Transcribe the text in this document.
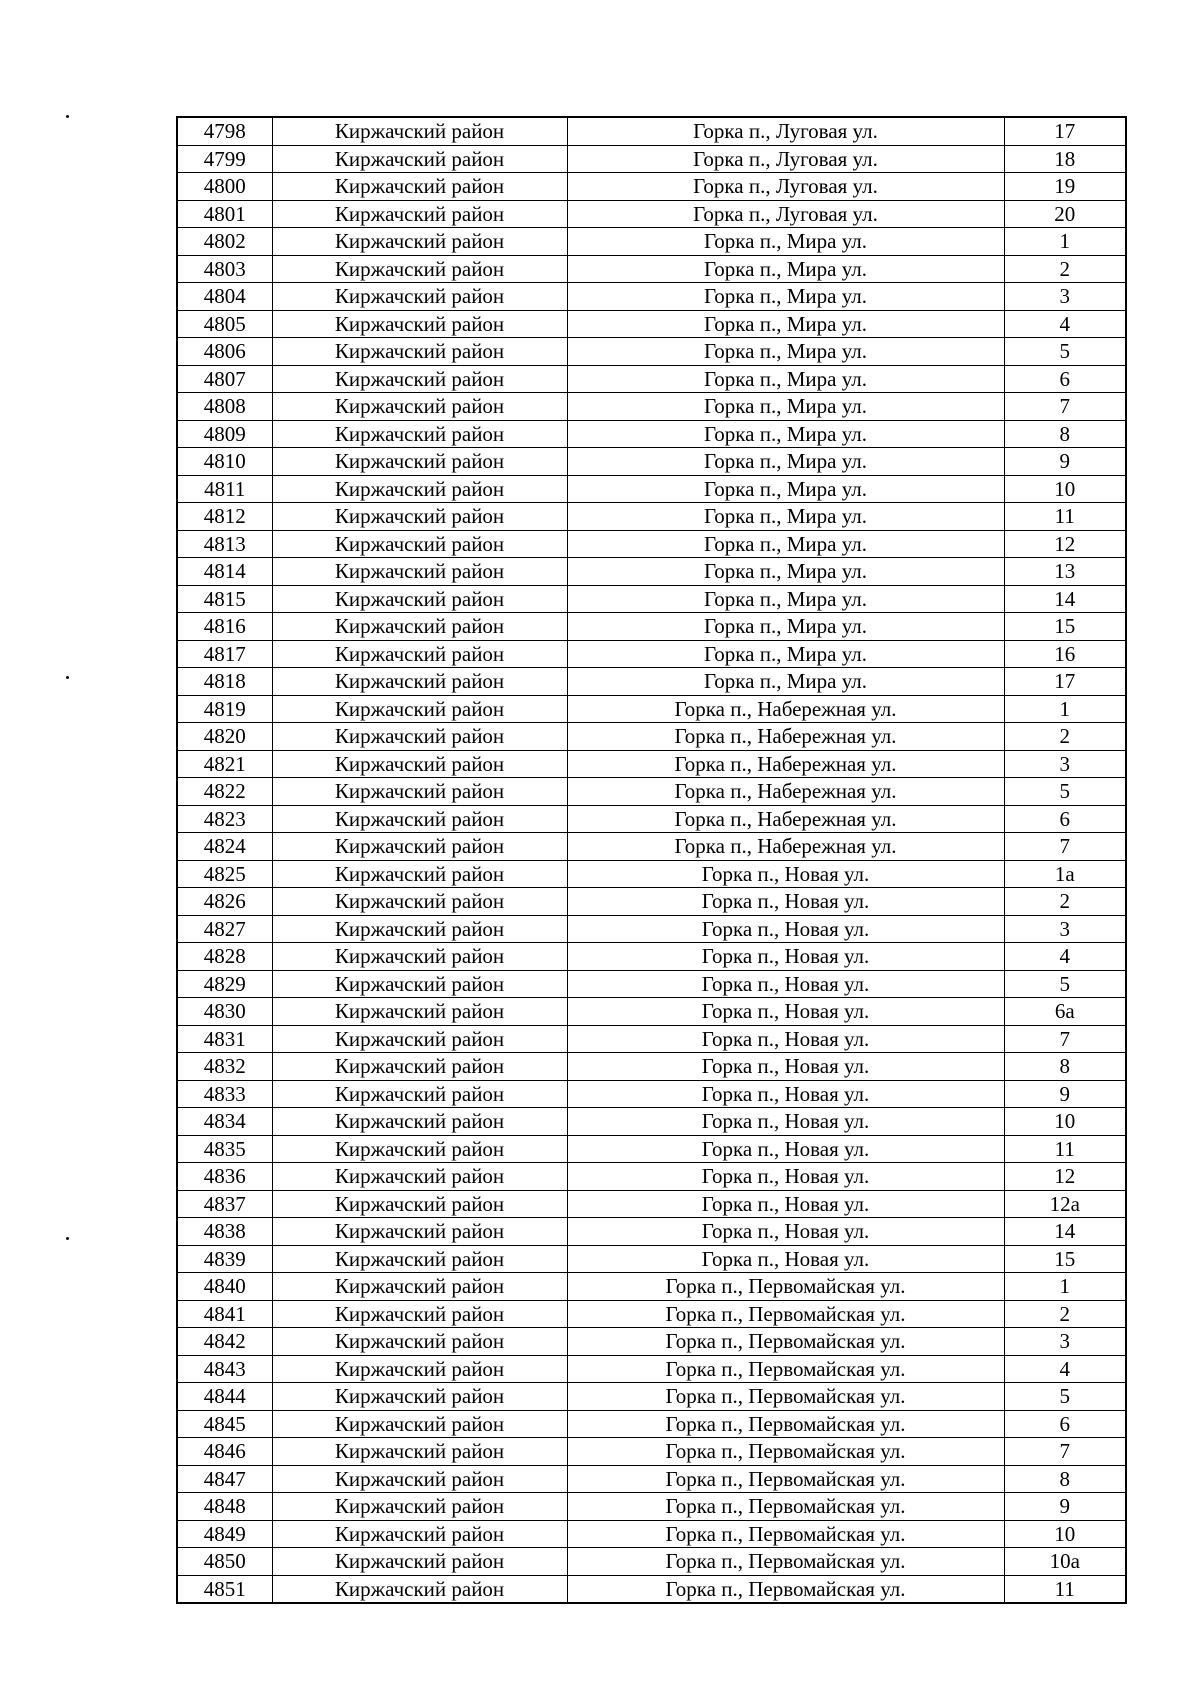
4798	Киржачский район	Горка п., Луговая ул.	17
4799	Киржачский район	Горка п., Луговая ул.	18
4800	Киржачский район	Горка п., Луговая ул.	19
4801	Киржачский район	Горка п., Луговая ул.	20
4802	Киржачский район	Горка п., Мира ул.	1
4803	Киржачский район	Горка п., Мира ул.	2
4804	Киржачский район	Горка п., Мира ул.	3
4805	Киржачский район	Горка п., Мира ул.	4
4806	Киржачский район	Горка п., Мира ул.	5
4807	Киржачский район	Горка п., Мира ул.	6
4808	Киржачский район	Горка п., Мира ул.	7
4809	Киржачский район	Горка п., Мира ул.	8
4810	Киржачский район	Горка п., Мира ул.	9
4811	Киржачский район	Горка п., Мира ул.	10
4812	Киржачский район	Горка п., Мира ул.	11
4813	Киржачский район	Горка п., Мира ул.	12
4814	Киржачский район	Горка п., Мира ул.	13
4815	Киржачский район	Горка п., Мира ул.	14
4816	Киржачский район	Горка п., Мира ул.	15
4817	Киржачский район	Горка п., Мира ул.	16
4818	Киржачский район	Горка п., Мира ул.	17
4819	Киржачский район	Горка п., Набережная ул.	1
4820	Киржачский район	Горка п., Набережная ул.	2
4821	Киржачский район	Горка п., Набережная ул.	3
4822	Киржачский район	Горка п., Набережная ул.	5
4823	Киржачский район	Горка п., Набережная ул.	6
4824	Киржачский район	Горка п., Набережная ул.	7
4825	Киржачский район	Горка п., Новая ул.	1а
4826	Киржачский район	Горка п., Новая ул.	2
4827	Киржачский район	Горка п., Новая ул.	3
4828	Киржачский район	Горка п., Новая ул.	4
4829	Киржачский район	Горка п., Новая ул.	5
4830	Киржачский район	Горка п., Новая ул.	6а
4831	Киржачский район	Горка п., Новая ул.	7
4832	Киржачский район	Горка п., Новая ул.	8
4833	Киржачский район	Горка п., Новая ул.	9
4834	Киржачский район	Горка п., Новая ул.	10
4835	Киржачский район	Горка п., Новая ул.	11
4836	Киржачский район	Горка п., Новая ул.	12
4837	Киржачский район	Горка п., Новая ул.	12а
4838	Киржачский район	Горка п., Новая ул.	14
4839	Киржачский район	Горка п., Новая ул.	15
4840	Киржачский район	Горка п., Первомайская ул.	1
4841	Киржачский район	Горка п., Первомайская ул.	2
4842	Киржачский район	Горка п., Первомайская ул.	3
4843	Киржачский район	Горка п., Первомайская ул.	4
4844	Киржачский район	Горка п., Первомайская ул.	5
4845	Киржачский район	Горка п., Первомайская ул.	6
4846	Киржачский район	Горка п., Первомайская ул.	7
4847	Киржачский район	Горка п., Первомайская ул.	8
4848	Киржачский район	Горка п., Первомайская ул.	9
4849	Киржачский район	Горка п., Первомайская ул.	10
4850	Киржачский район	Горка п., Первомайская ул.	10а
4851	Киржачский район	Горка п., Первомайская ул.	11
